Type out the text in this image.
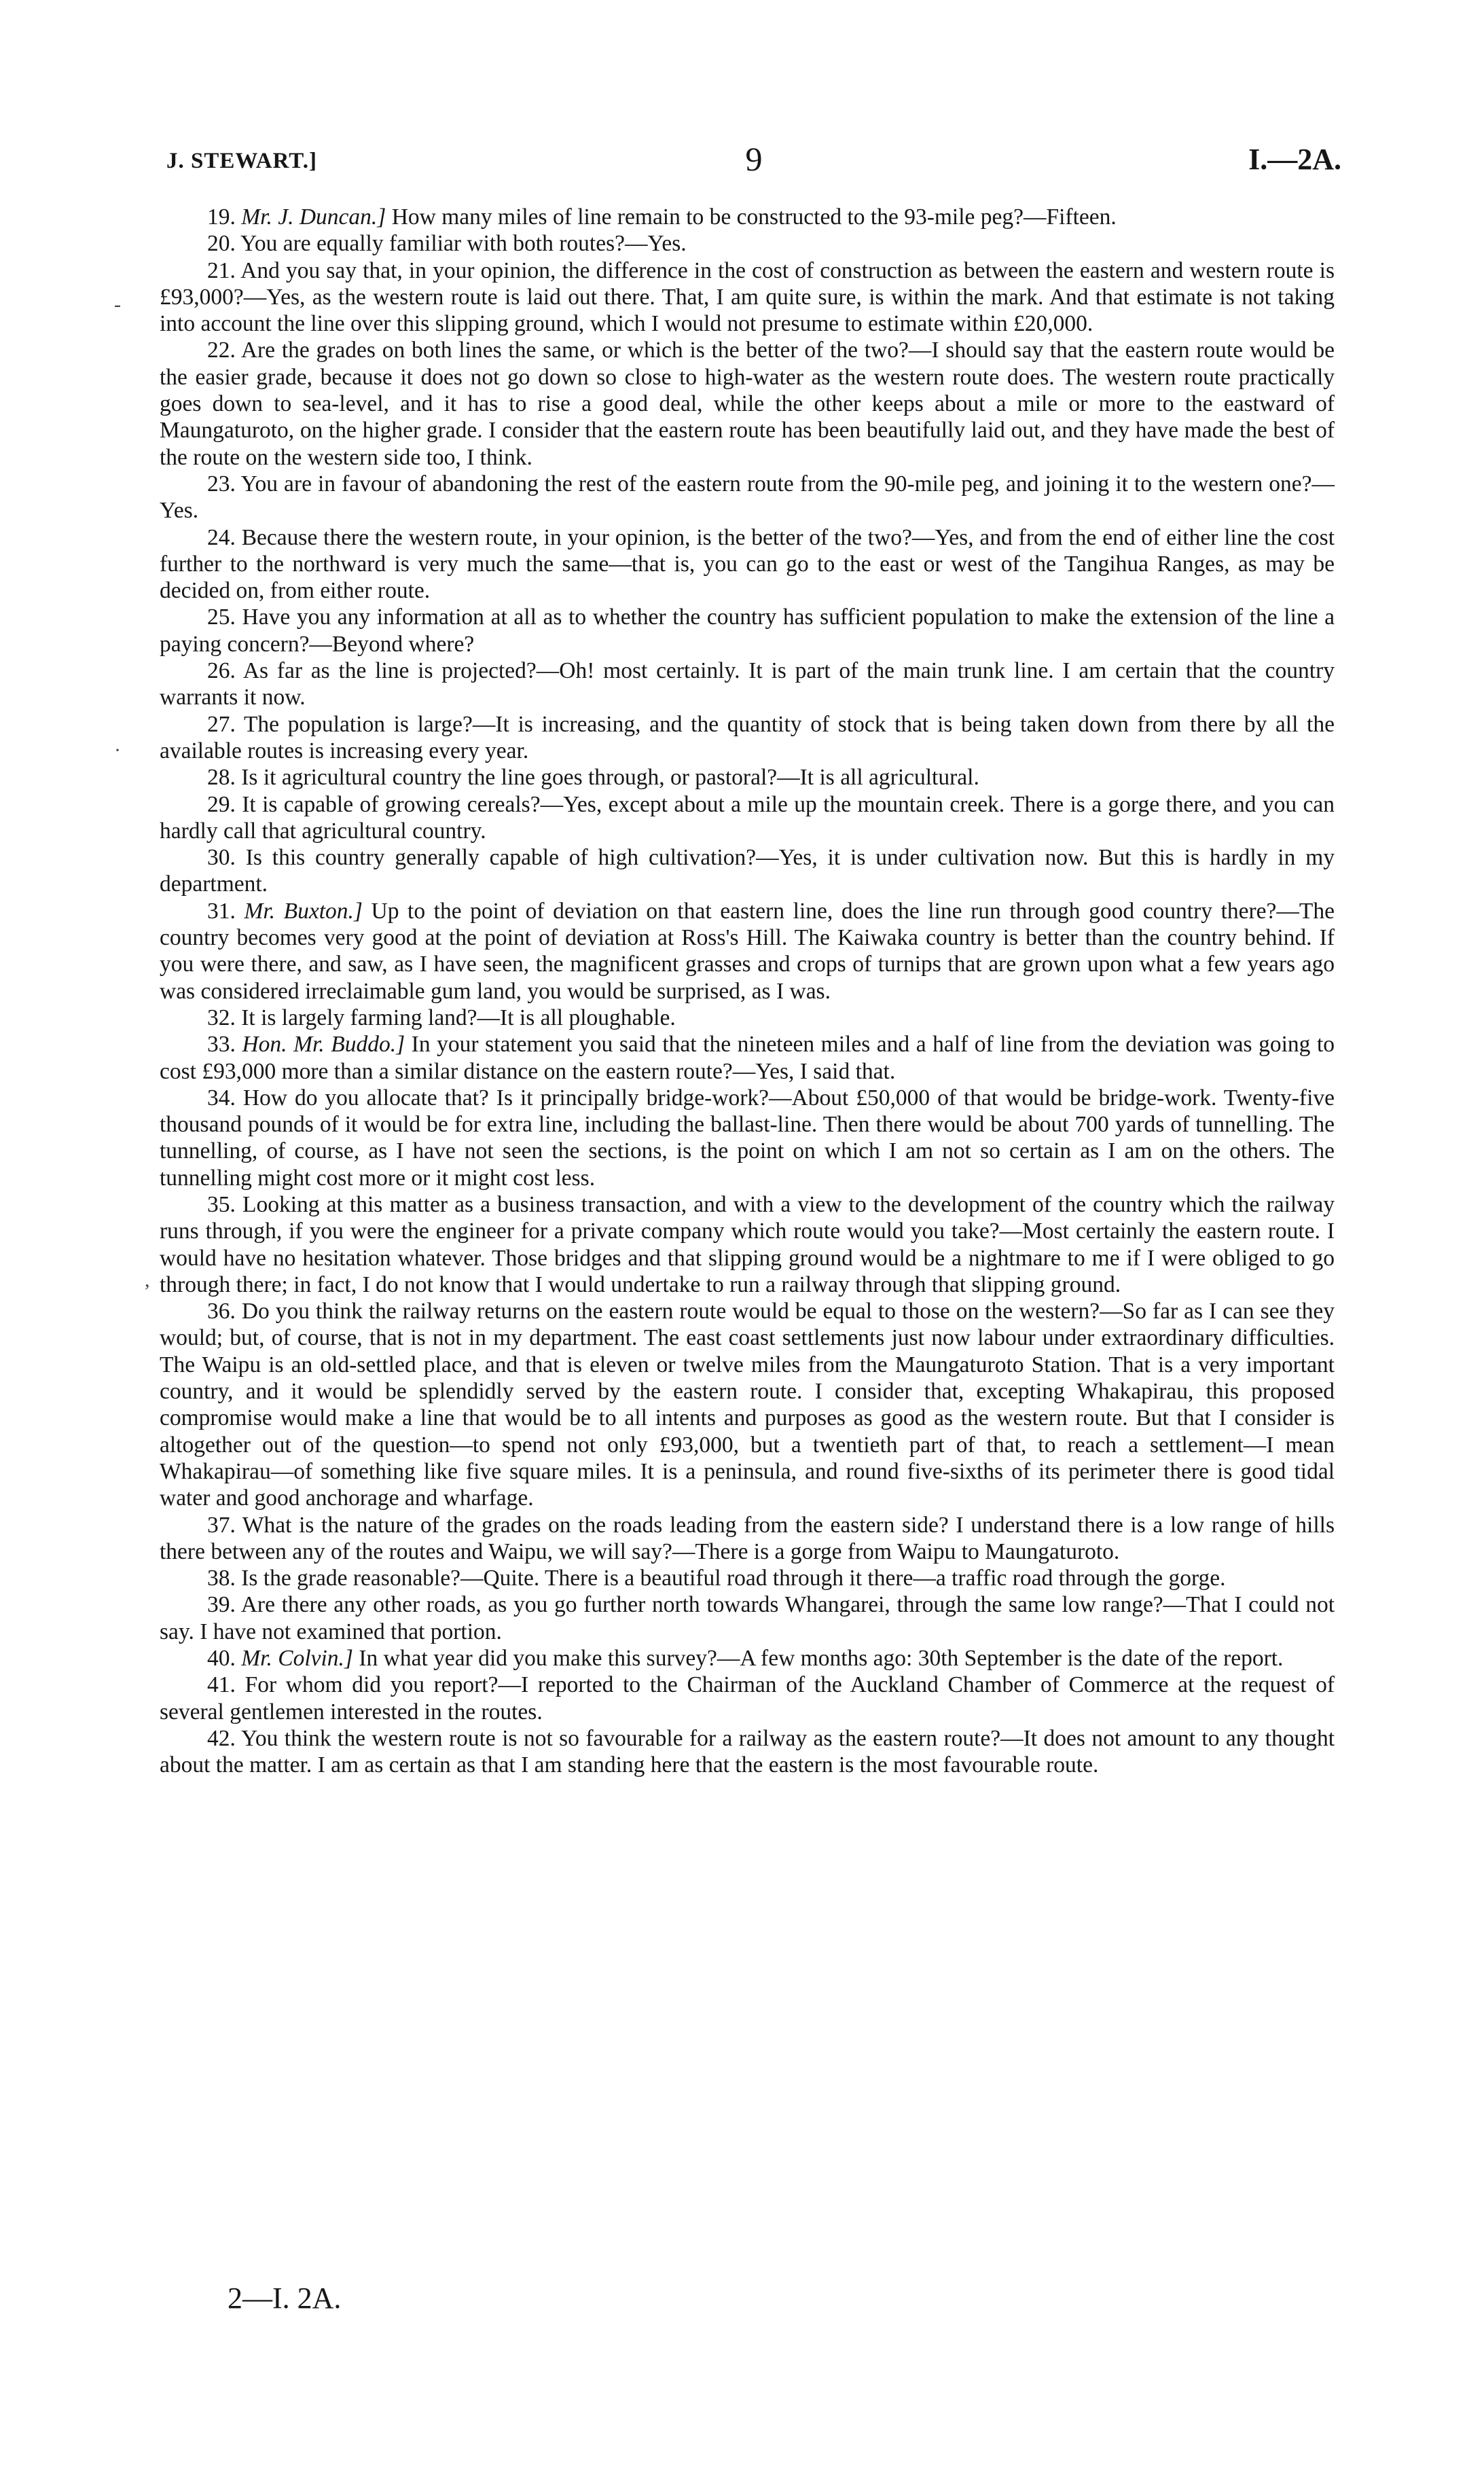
J. STEWART.]	9	I.—2A.
-
·
,

19. Mr. J. Duncan.] How many miles of line remain to be constructed to the 93-mile peg?—Fifteen.

20. You are equally familiar with both routes?—Yes.

21. And you say that, in your opinion, the difference in the cost of construction as between the eastern and western route is £93,000?—Yes, as the western route is laid out there. That, I am quite sure, is within the mark. And that estimate is not taking into account the line over this slipping ground, which I would not presume to estimate within £20,000.

22. Are the grades on both lines the same, or which is the better of the two?—I should say that the eastern route would be the easier grade, because it does not go down so close to high-water as the western route does. The western route practically goes down to sea-level, and it has to rise a good deal, while the other keeps about a mile or more to the eastward of Maungaturoto, on the higher grade. I consider that the eastern route has been beautifully laid out, and they have made the best of the route on the western side too, I think.

23. You are in favour of abandoning the rest of the eastern route from the 90-mile peg, and joining it to the western one?—Yes.

24. Because there the western route, in your opinion, is the better of the two?—Yes, and from the end of either line the cost further to the northward is very much the same—that is, you can go to the east or west of the Tangihua Ranges, as may be decided on, from either route.

25. Have you any information at all as to whether the country has sufficient population to make the extension of the line a paying concern?—Beyond where?

26. As far as the line is projected?—Oh! most certainly. It is part of the main trunk line. I am certain that the country warrants it now.

27. The population is large?—It is increasing, and the quantity of stock that is being taken down from there by all the available routes is increasing every year.

28. Is it agricultural country the line goes through, or pastoral?—It is all agricultural.

29. It is capable of growing cereals?—Yes, except about a mile up the mountain creek. There is a gorge there, and you can hardly call that agricultural country.

30. Is this country generally capable of high cultivation?—Yes, it is under cultivation now. But this is hardly in my department.

31. Mr. Buxton.] Up to the point of deviation on that eastern line, does the line run through good country there?—The country becomes very good at the point of deviation at Ross's Hill. The Kaiwaka country is better than the country behind. If you were there, and saw, as I have seen, the magnificent grasses and crops of turnips that are grown upon what a few years ago was considered irreclaimable gum land, you would be surprised, as I was.

32. It is largely farming land?—It is all ploughable.

33. Hon. Mr. Buddo.] In your statement you said that the nineteen miles and a half of line from the deviation was going to cost £93,000 more than a similar distance on the eastern route?—Yes, I said that.

34. How do you allocate that? Is it principally bridge-work?—About £50,000 of that would be bridge-work. Twenty-five thousand pounds of it would be for extra line, including the ballast-line. Then there would be about 700 yards of tunnelling. The tunnelling, of course, as I have not seen the sections, is the point on which I am not so certain as I am on the others. The tunnelling might cost more or it might cost less.

35. Looking at this matter as a business transaction, and with a view to the development of the country which the railway runs through, if you were the engineer for a private company which route would you take?—Most certainly the eastern route. I would have no hesitation whatever. Those bridges and that slipping ground would be a nightmare to me if I were obliged to go through there; in fact, I do not know that I would undertake to run a railway through that slipping ground.

36. Do you think the railway returns on the eastern route would be equal to those on the western?—So far as I can see they would; but, of course, that is not in my department. The east coast settlements just now labour under extraordinary difficulties. The Waipu is an old-settled place, and that is eleven or twelve miles from the Maungaturoto Station. That is a very important country, and it would be splendidly served by the eastern route. I consider that, excepting Whakapirau, this proposed compromise would make a line that would be to all intents and purposes as good as the western route. But that I consider is altogether out of the question—to spend not only £93,000, but a twentieth part of that, to reach a settlement—I mean Whakapirau—of something like five square miles. It is a peninsula, and round five-sixths of its perimeter there is good tidal water and good anchorage and wharfage.

37. What is the nature of the grades on the roads leading from the eastern side? I understand there is a low range of hills there between any of the routes and Waipu, we will say?—There is a gorge from Waipu to Maungaturoto.

38. Is the grade reasonable?—Quite. There is a beautiful road through it there—a traffic road through the gorge.

39. Are there any other roads, as you go further north towards Whangarei, through the same low range?—That I could not say. I have not examined that portion.

40. Mr. Colvin.] In what year did you make this survey?—A few months ago: 30th September is the date of the report.

41. For whom did you report?—I reported to the Chairman of the Auckland Chamber of Commerce at the request of several gentlemen interested in the routes.

42. You think the western route is not so favourable for a railway as the eastern route?—It does not amount to any thought about the matter. I am as certain as that I am standing here that the eastern is the most favourable route.

2—I. 2A.
